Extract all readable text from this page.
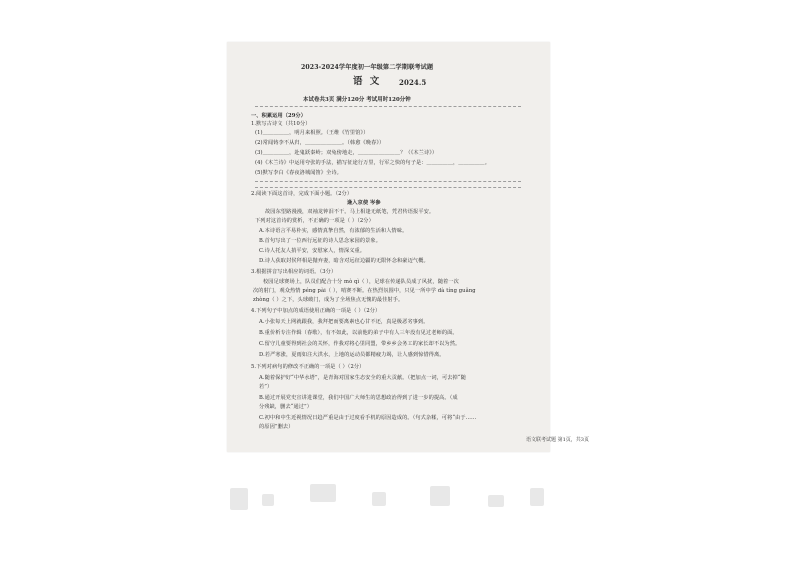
2023-2024学年度初一年级第二学期联考试题
语 文	2024.5
本试卷共3页 满分120分 考试用时120分钟
一、积累运用（29分）
1.默写古诗文（共10分）
(1)＿＿＿＿＿，明月来相照。（王维《竹里馆》）
(2)常闻铸李不从归，＿＿＿＿＿＿＿。（韩愈《晚春》）
(3)＿＿＿＿＿，赴鬼跃秦岭；双兔傍地走，＿＿＿＿＿＿＿＿？（《木兰诗》）
(4)《木兰诗》中运用夸张的手法，描写征途行万里，行军之快的句子是：＿＿＿＿＿，＿＿＿＿＿。
(5)默写李白《春夜洛城闻笛》全诗。
2.阅读下面这首诗，完成下面小题。（2分）
逢入京使 岑参
故园东望路漫漫，双袖龙钟泪不干。马上相逢无纸笔，凭君传语报平安。
下列对这首诗的赏析，不正确的一项是（ ）（2分）
A.本诗语言平易朴实，感情真挚自然，有浓郁的生活和人情味。
B.首句写出了一位西行远征的诗人思念家园的景象。
C.诗人托友人捎平安，安慰家人，情深义重。
D.诗人获取封侯拜相是抛弃妻，暗含对远征边疆的无限怀念和豪迈气概。
3.根据拼音写出相应的词语。（3分）
校园足球赛场上，队员们配合十分 mò qì（ ），足球在传递队员成了风扰，随着一次
次的射门，观众热情 péng pài（ ），哨赛不断。在热烈氛围中，只见一所中学 dà tíng guǎng
zhòng（ ）之下，头球破门，成为了全场焦点无愧的最佳射手。
4.下列句子中加点的成语使用正确的一项是（ ）（2分）
A.小张每天上网就跟我，我拜把而要离素也心甘不还，真是极恶劣事到。
B.重价析专注作辑（春歌），有不如此，以前他的弟子中有人三年没有见过老师的面。
C.留守儿童要得到社会的关怀，作我对将心里同盟，带乡乡会务工的家长却不以为然。
D.若严寒涨，夏雨如注大洪水，上地的运动员都精疲力竭，让人感到惊惜得离。
5.下列对病句的修改不正确的一项是（ ）（2分）
A.随着保护好“中华水塔”，是青海对国家生态安全的重大贡献。（把加点一词，可去掉“随
若”）
B.通过开展党史宣讲进课堂，我们中国广大师生的思想政治得到了进一步的提高。（成
分残缺，删去“通过”）
C.初中和中生近视情况日趋严重是由于过度看手机的原因造成的。（句式杂糅，可将“由于……
的原因”删去）
语文联考试题 第1页，共3页
